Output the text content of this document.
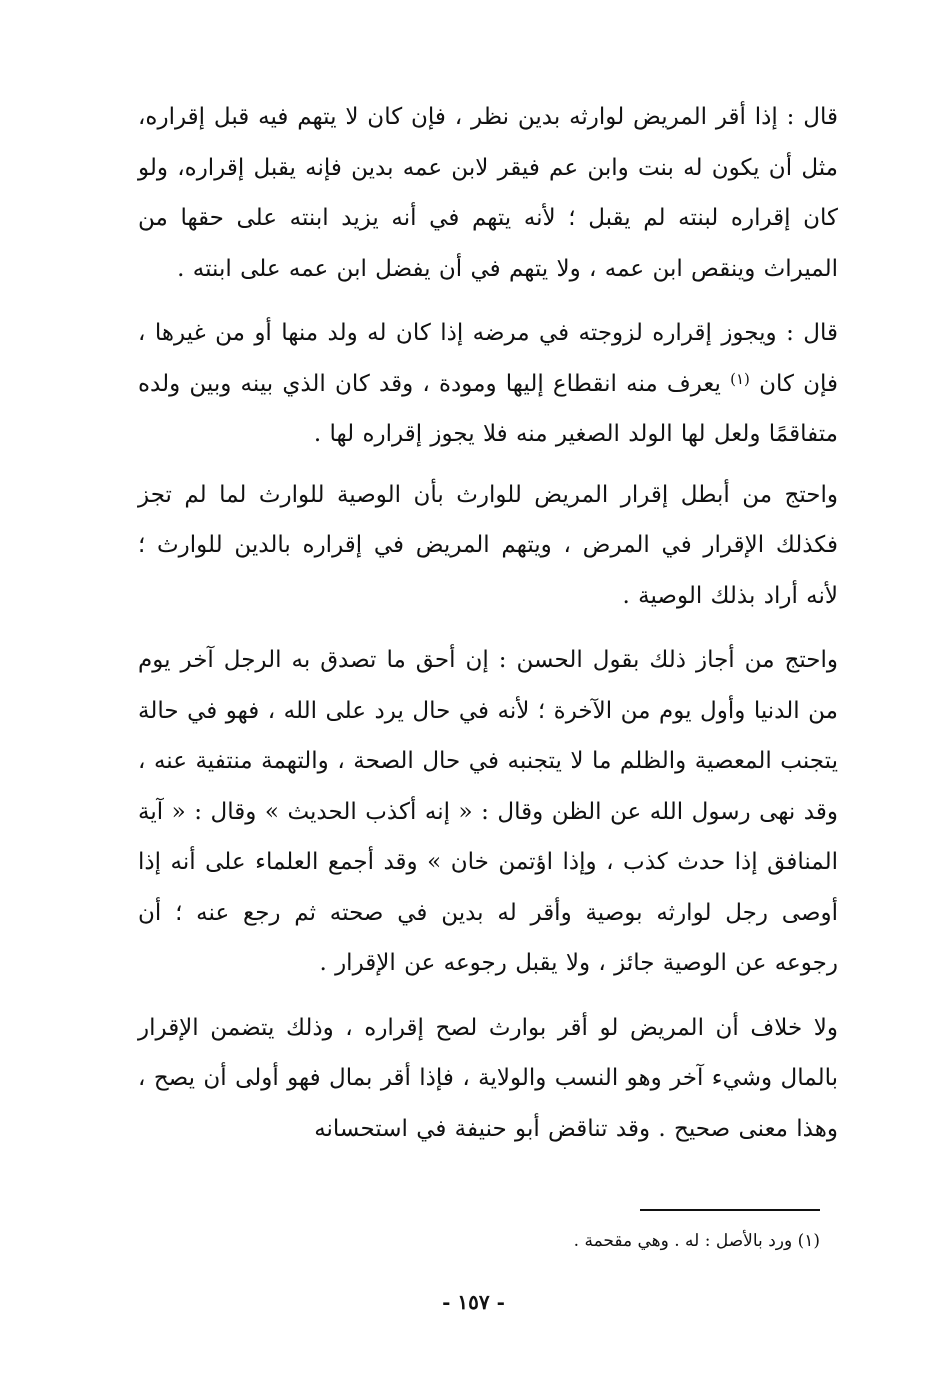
قال : إذا أقر المريض لوارثه بدين نظر ، فإن كان لا يتهم فيه قبل إقراره، مثل أن يكون له بنت وابن عم فيقر لابن عمه بدين فإنه يقبل إقراره، ولو كان إقراره لبنته لم يقبل ؛ لأنه يتهم في أنه يزيد ابنته على حقها من الميراث وينقص ابن عمه ، ولا يتهم في أن يفضل ابن عمه على ابنته .

قال : ويجوز إقراره لزوجته في مرضه إذا كان له ولد منها أو من غيرها ، فإن كان $^{(١)}$ يعرف منه انقطاع إليها ومودة ، وقد كان الذي بينه وبين ولده متفاقمًا ولعل لها الولد الصغير منه فلا يجوز إقراره لها .

واحتج من أبطل إقرار المريض للوارث بأن الوصية للوارث لما لم تجز فكذلك الإقرار في المرض ، ويتهم المريض في إقراره بالدين للوارث ؛ لأنه أراد بذلك الوصية .

واحتج من أجاز ذلك بقول الحسن : إن أحق ما تصدق به الرجل آخر يوم من الدنيا وأول يوم من الآخرة ؛ لأنه في حال يرد على الله ، فهو في حالة يتجنب المعصية والظلم ما لا يتجنبه في حال الصحة ، والتهمة منتفية عنه ، وقد نهى رسول الله عن الظن وقال : « إنه أكذب الحديث » وقال : « آية المنافق إذا حدث كذب ، وإذا اؤتمن خان » وقد أجمع العلماء على أنه إذا أوصى رجل لوارثه بوصية وأقر له بدين في صحته ثم رجع عنه ؛ أن رجوعه عن الوصية جائز ، ولا يقبل رجوعه عن الإقرار .

ولا خلاف أن المريض لو أقر بوارث لصح إقراره ، وذلك يتضمن الإقرار بالمال وشيء آخر وهو النسب والولاية ، فإذا أقر بمال فهو أولى أن يصح ، وهذا معنى صحيح . وقد تناقض أبو حنيفة في استحسانه

(١) ورد بالأصل : له . وهي مقحمة .
- ١٥٧ -
